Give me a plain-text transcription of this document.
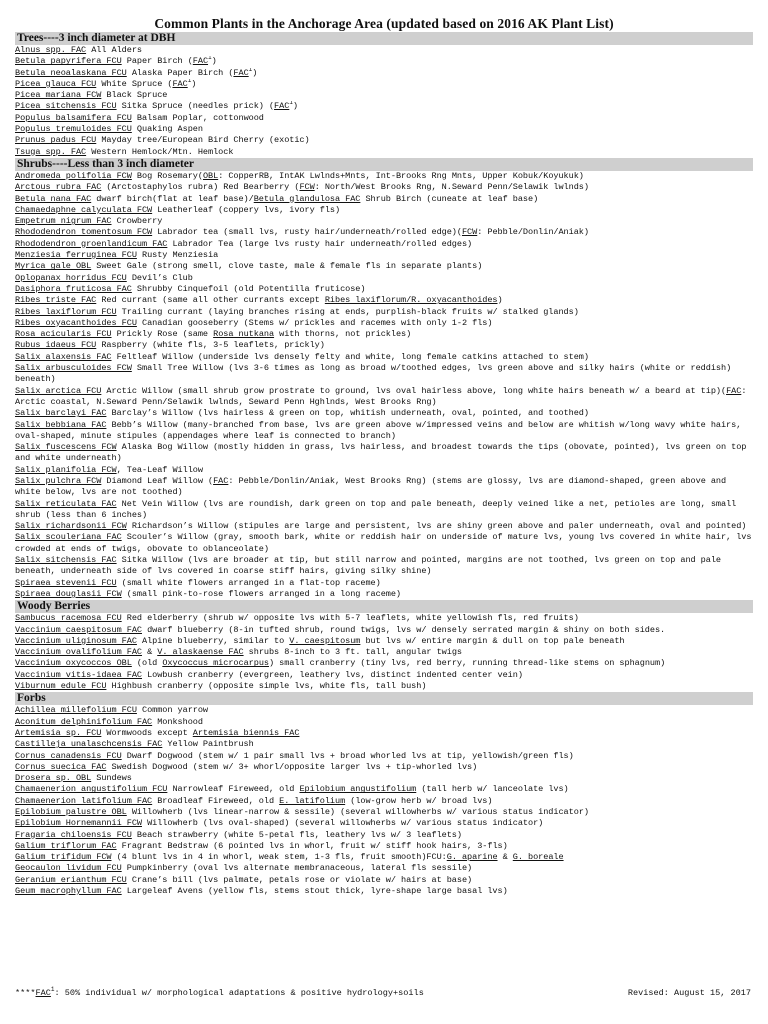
Common Plants in the Anchorage Area (updated based on 2016 AK Plant List)
Trees----3 inch diameter at DBH
Alnus spp. FAC All Alders
Betula papyrifera FCU Paper Birch (FAC$^1$)
Betula neoalaskana FCU Alaska Paper Birch (FAC$^1$)
Picea glauca FCU White Spruce (FAC$^1$)
Picea mariana FCW Black Spruce
Picea sitchensis FCU Sitka Spruce (needles prick) (FAC$^1$)
Populus balsamifera FCU Balsam Poplar, cottonwood
Populus tremuloides FCU Quaking Aspen
Prunus padus FCU Mayday tree/European Bird Cherry (exotic)
Tsuga spp. FAC Western Hemlock/Mtn. Hemlock
Shrubs----Less than 3 inch diameter
Andromeda polifolia FCW Bog Rosemary(OBL: CopperRB, IntAK Lwlnds+Mnts, Int-Brooks Rng Mnts, Upper Kobuk/Koyukuk)
Arctous rubra FAC (Arctostaphylos rubra) Red Bearberry (FCW: North/West Brooks Rng, N.Seward Penn/Selawik lwlnds)
Betula nana FAC dwarf birch(flat at leaf base)/Betula glandulosa FAC Shrub Birch (cuneate at leaf base)
Chamaedaphne calyculata FCW Leatherleaf (coppery lvs, ivory fls)
Empetrum nigrum FAC Crowberry
Rhododendron tomentosum FCW Labrador tea (small lvs, rusty hair/underneath/rolled edge)(FCW: Pebble/Donlin/Aniak)
Rhododendron groenlandicum FAC Labrador Tea (large lvs rusty hair underneath/rolled edges)
Menziesia ferruginea FCU Rusty Menziesia
Myrica gale OBL Sweet Gale (strong smell, clove taste, male & female fls in separate plants)
Oplopanax horridus FCU Devil’s Club
Dasiphora fruticosa FAC Shrubby Cinquefoil (old Potentilla fruticose)
Ribes triste FAC Red currant (same all other currants except Ribes laxiflorum/R. oxyacanthoides)
Ribes laxiflorum FCU Trailing currant (laying branches rising at ends, purplish-black fruits w/ stalked glands)
Ribes oxyacanthoides FCU Canadian gooseberry (Stems w/ prickles and racemes with only 1-2 fls)
Rosa acicularis FCU Prickly Rose (same Rosa nutkana with thorns, not prickles)
Rubus idaeus FCU Raspberry (white fls, 3-5 leaflets, prickly)
Salix alaxensis FAC Feltleaf Willow (underside lvs densely felty and white, long female catkins attached to stem)
Salix arbusculoides FCW Small Tree Willow (lvs 3-6 times as long as broad w/toothed edges, lvs green above and silky hairs (white or reddish) beneath)
Salix arctica FCU Arctic Willow (small shrub grow prostrate to ground, lvs oval hairless above, long white hairs beneath w/ a beard at tip)(FAC: Arctic coastal, N.Seward Penn/Selawik lwlnds, Seward Penn Hghlnds, West Brooks Rng)
Salix barclayi FAC Barclay’s Willow (lvs hairless & green on top, whitish underneath, oval, pointed, and toothed)
Salix bebbiana FAC Bebb’s Willow (many-branched from base, lvs are green above w/impressed veins and below are whitish w/long wavy white hairs, oval-shaped, minute stipules (appendages where leaf is connected to branch)
Salix fuscescens FCW Alaska Bog Willow (mostly hidden in grass, lvs hairless, and broadest towards the tips (obovate, pointed), lvs green on top and white underneath)
Salix planifolia FCW, Tea-Leaf Willow
Salix pulchra FCW Diamond Leaf Willow (FAC: Pebble/Donlin/Aniak, West Brooks Rng) (stems are glossy, lvs are diamond-shaped, green above and white below, lvs are not toothed)
Salix reticulata FAC Net Vein Willow (lvs are roundish, dark green on top and pale beneath, deeply veined like a net, petioles are long, small shrub (less than 6 inches)
Salix richardsonii FCW Richardson’s Willow (stipules are large and persistent, lvs are shiny green above and paler underneath, oval and pointed)
Salix scouleriana FAC Scouler’s Willow (gray, smooth bark, white or reddish hair on underside of mature lvs, young lvs covered in white hair, lvs crowded at ends of twigs, obovate to oblanceolate)
Salix sitchensis FAC Sitka Willow (lvs are broader at tip, but still narrow and pointed, margins are not toothed, lvs green on top and pale beneath, underneath side of lvs covered in coarse stiff hairs, giving silky shine)
Spiraea stevenii FCU (small white flowers arranged in a flat-top raceme)
Spiraea douglasii FCW (small pink-to-rose flowers arranged in a long raceme)
Woody Berries
Sambucus racemosa FCU Red elderberry (shrub w/ opposite lvs with 5-7 leaflets, white yellowish fls, red fruits)
Vaccinium caespitosum FAC dwarf blueberry (8-in tufted shrub, round twigs, lvs w/ densely serrated margin & shiny on both sides.
Vaccinium uliginosum FAC Alpine blueberry, similar to V. caespitosum but lvs w/ entire margin & dull on top pale beneath
Vaccinium ovalifolium FAC & V. alaskaense FAC shrubs 8-inch to 3 ft. tall, angular twigs
Vaccinium oxycoccos OBL (old Oxycoccus microcarpus) small cranberry (tiny lvs, red berry, running thread-like stems on sphagnum)
Vaccinium vitis-idaea FAC Lowbush cranberry (evergreen, leathery lvs, distinct indented center vein)
Viburnum edule FCU Highbush cranberry (opposite simple lvs, white fls, tall bush)
Forbs
Achillea millefolium FCU Common yarrow
Aconitum delphinifolium FAC Monkshood
Artemisia sp. FCU Wormwoods except Artemisia biennis FAC
Castilleja unalaschcensis FAC Yellow Paintbrush
Cornus canadensis FCU Dwarf Dogwood (stem w/ 1 pair small lvs + broad whorled lvs at tip, yellowish/green fls)
Cornus suecica FAC Swedish Dogwood (stem w/ 3+ whorl/opposite larger lvs + tip-whorled lvs)
Drosera sp. OBL Sundews
Chamaenerion angustifolium FCU Narrowleaf Fireweed, old Epilobium angustifolium (tall herb w/ lanceolate lvs)
Chamaenerion latifolium FAC Broadleaf Fireweed, old E. latifolium (low-grow herb w/ broad lvs)
Epilobium palustre OBL Willowherb (lvs linear-narrow & sessile) (several willowherbs w/ various status indicator)
Epilobium Hornemannii FCW Willowherb (lvs oval-shaped) (several willowherbs w/ various status indicator)
Fragaria chiloensis FCU Beach strawberry (white 5-petal fls, leathery lvs w/ 3 leaflets)
Galium triflorum FAC Fragrant Bedstraw (6 pointed lvs in whorl, fruit w/ stiff hook hairs, 3-fls)
Galium trifidum FCW (4 blunt lvs in 4 in whorl, weak stem, 1-3 fls, fruit smooth)FCU:G. aparine & G. boreale
Geocaulon lividum FCU Pumpkinberry (oval lvs alternate membranaceous, lateral fls sessile)
Geranium erianthum FCU Crane’s bill (lvs palmate, petals rose or violate w/ hairs at base)
Geum macrophyllum FAC Largeleaf Avens (yellow fls, stems stout thick, lyre-shape large basal lvs)
****FAC$^1$: 50% individual w/ morphological adaptations & positive hydrology+soils	Revised: August 15, 2017
